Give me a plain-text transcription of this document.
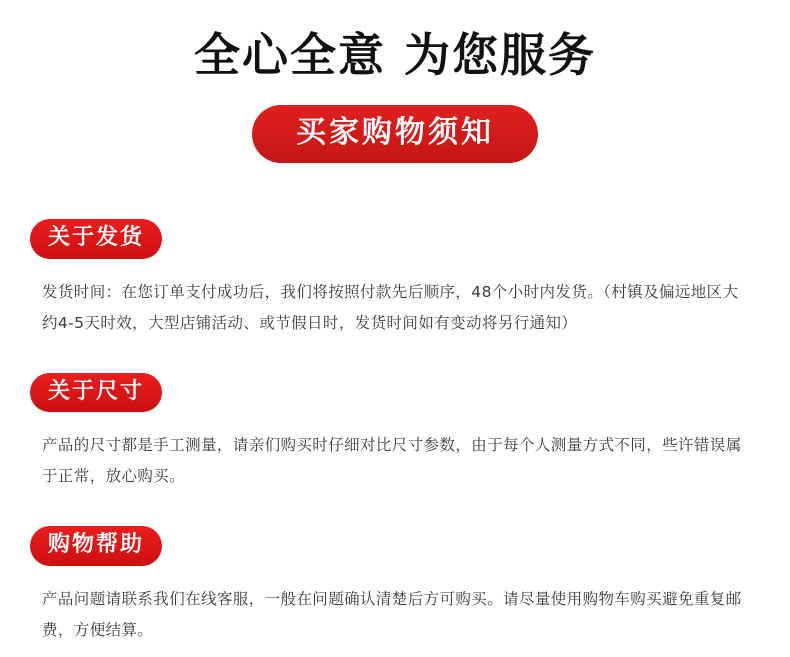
全心全意 为您服务
买家购物须知
关于发货
发货时间：在您订单支付成功后，我们将按照付款先后顺序，48个小时内发货。（村镇及偏远地区大约4-5天时效，大型店铺活动、或节假日时，发货时间如有变动将另行通知）
关于尺寸
产品的尺寸都是手工测量，请亲们购买时仔细对比尺寸参数，由于每个人测量方式不同，些许错误属于正常，放心购买。
购物帮助
产品问题请联系我们在线客服，一般在问题确认清楚后方可购买。请尽量使用购物车购买避免重复邮费，方便结算。
